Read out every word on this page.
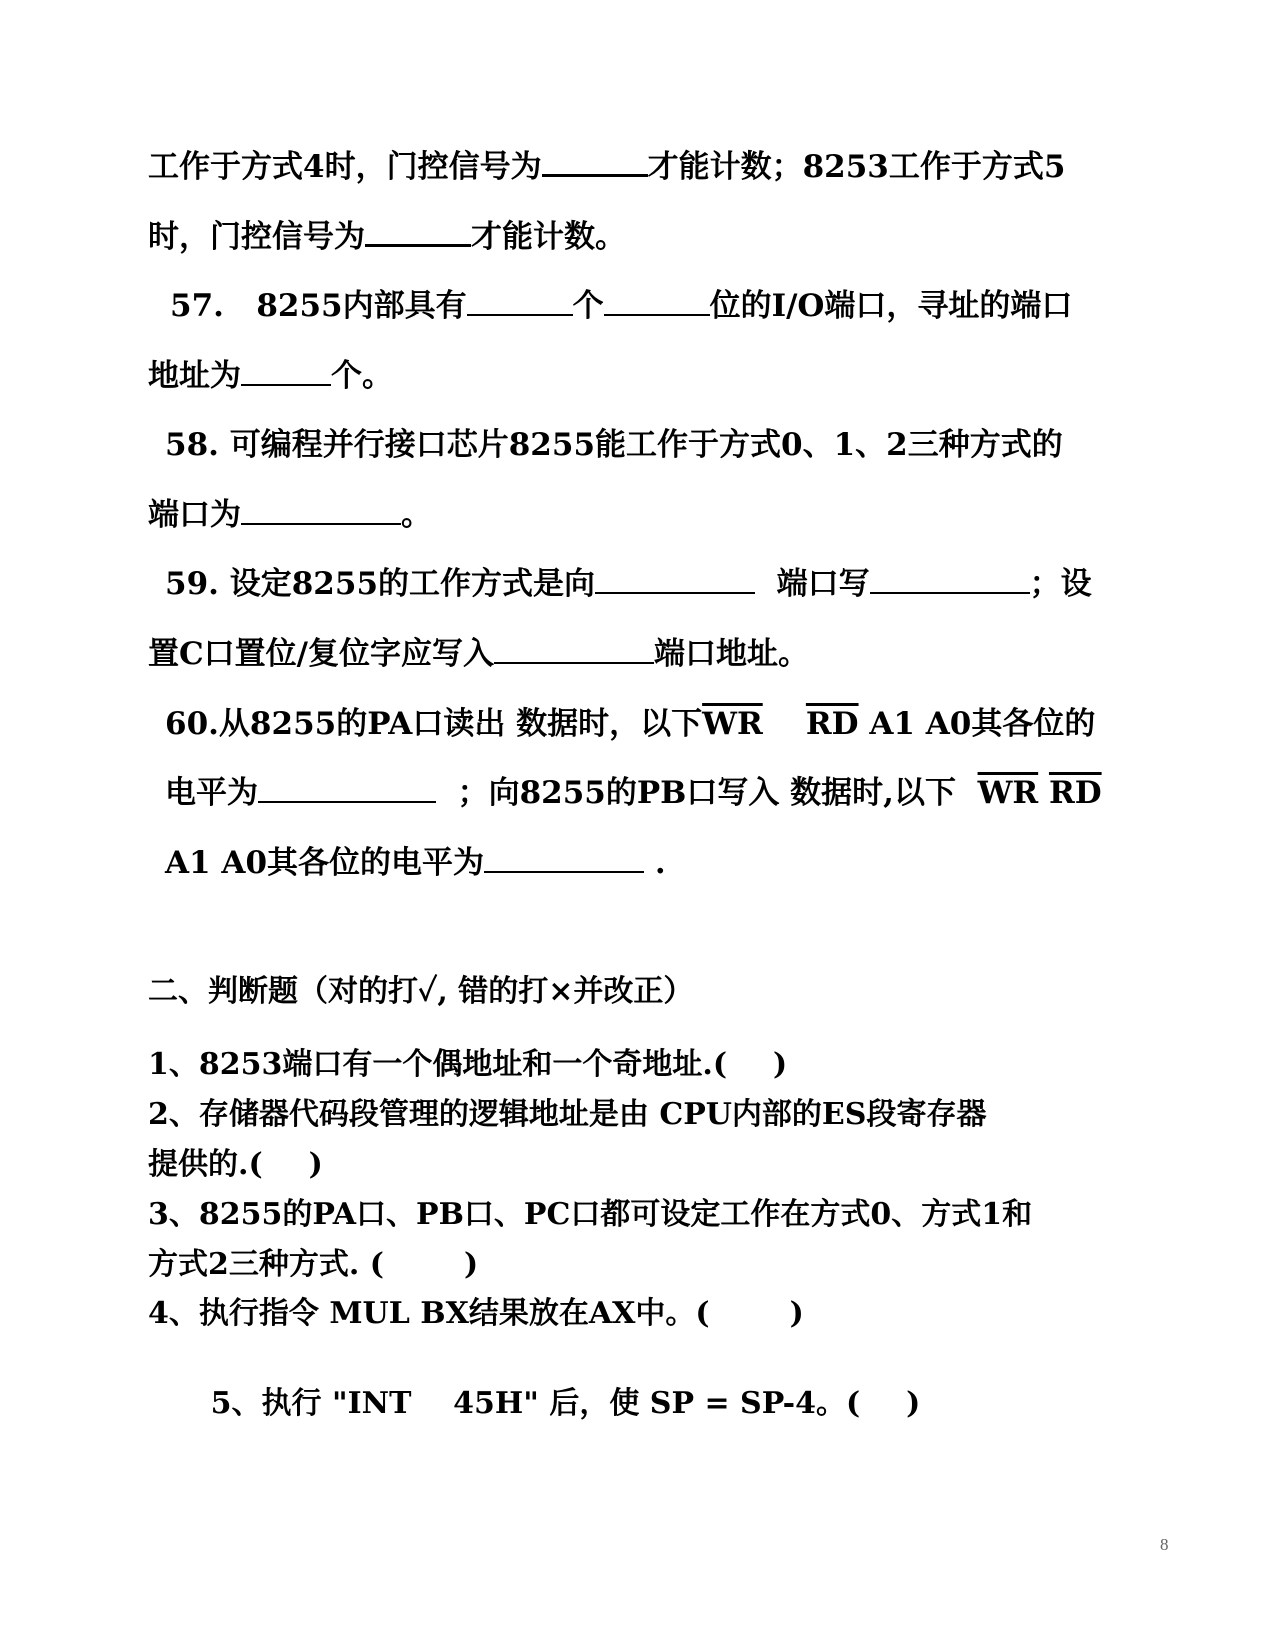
工作于方式4时，门控信号为	才能计数；8253工作于方式5
时，门控信号为	才能计数。
57. 8255内部具有	个	位的I/O端口，寻址的端口
地址为	个。
58. 可编程并行接口芯片8255能工作于方式0、1、2三种方式的
端口为	。
59. 设定8255的工作方式是向	端口写	；设
置C口置位/复位字应写入	端口地址。
60.从8255的PA口读出 数据时，以下$\overline{WR}$ $\overline{RD}$ A1 A0其各位的
电平为	；向8255的PB口写入 数据时,以下 $\overline{WR}$ $\overline{RD}$
A1 A0其各位的电平为	.
二、判断题（对的打✓, 错的打×并改正）
1、8253端口有一个偶地址和一个奇地址.( )
2、存储器代码段管理的逻辑地址是由 CPU内部的ES段寄存器
提供的.( )
3、8255的PA口、PB口、PC口都可设定工作在方式0、方式1和
方式2三种方式. (	)
4、执行指令 MUL BX结果放在AX中。(	)

5、执行 "INT    45H" 后，使 SP = SP-4。( )

8
